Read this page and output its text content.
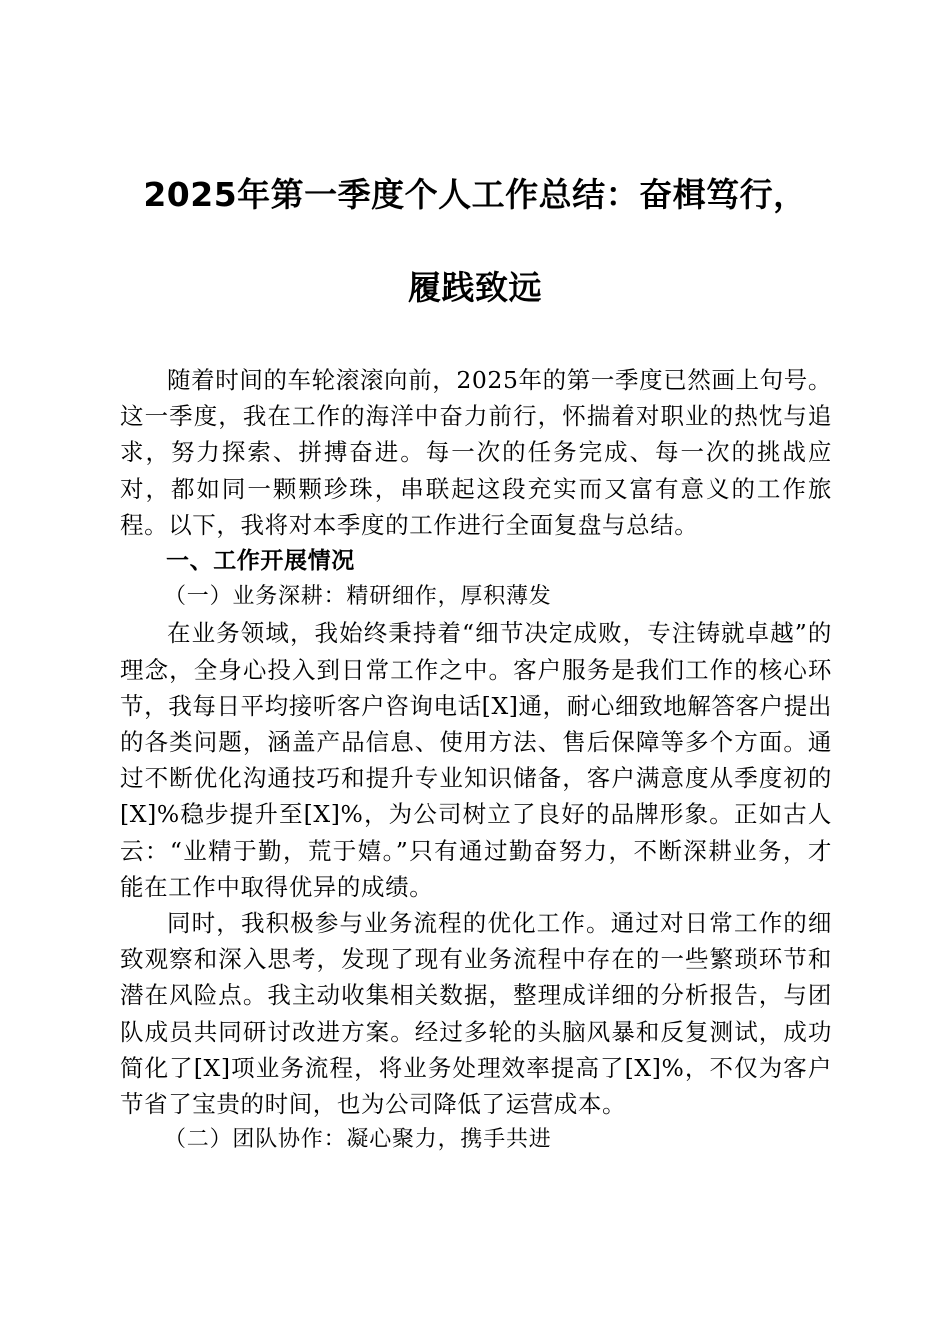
2025年第一季度个人工作总结：奋楫笃行，
履践致远

随着时间的车轮滚滚向前，2025年的第一季度已然画上句号。这一季度，我在工作的海洋中奋力前行，怀揣着对职业的热忱与追求，努力探索、拼搏奋进。每一次的任务完成、每一次的挑战应对，都如同一颗颗珍珠，串联起这段充实而又富有意义的工作旅程。以下，我将对本季度的工作进行全面复盘与总结。

一、工作开展情况

（一）业务深耕：精研细作，厚积薄发

在业务领域，我始终秉持着“细节决定成败，专注铸就卓越”的理念，全身心投入到日常工作之中。客户服务是我们工作的核心环节，我每日平均接听客户咨询电话[X]通，耐心细致地解答客户提出的各类问题，涵盖产品信息、使用方法、售后保障等多个方面。通过不断优化沟通技巧和提升专业知识储备，客户满意度从季度初的[X]%稳步提升至[X]%，为公司树立了良好的品牌形象。正如古人云：“业精于勤，荒于嬉。”只有通过勤奋努力，不断深耕业务，才能在工作中取得优异的成绩。

同时，我积极参与业务流程的优化工作。通过对日常工作的细致观察和深入思考，发现了现有业务流程中存在的一些繁琐环节和潜在风险点。我主动收集相关数据，整理成详细的分析报告，与团队成员共同研讨改进方案。经过多轮的头脑风暴和反复测试，成功简化了[X]项业务流程，将业务处理效率提高了[X]%，不仅为客户节省了宝贵的时间，也为公司降低了运营成本。

（二）团队协作：凝心聚力，携手共进
